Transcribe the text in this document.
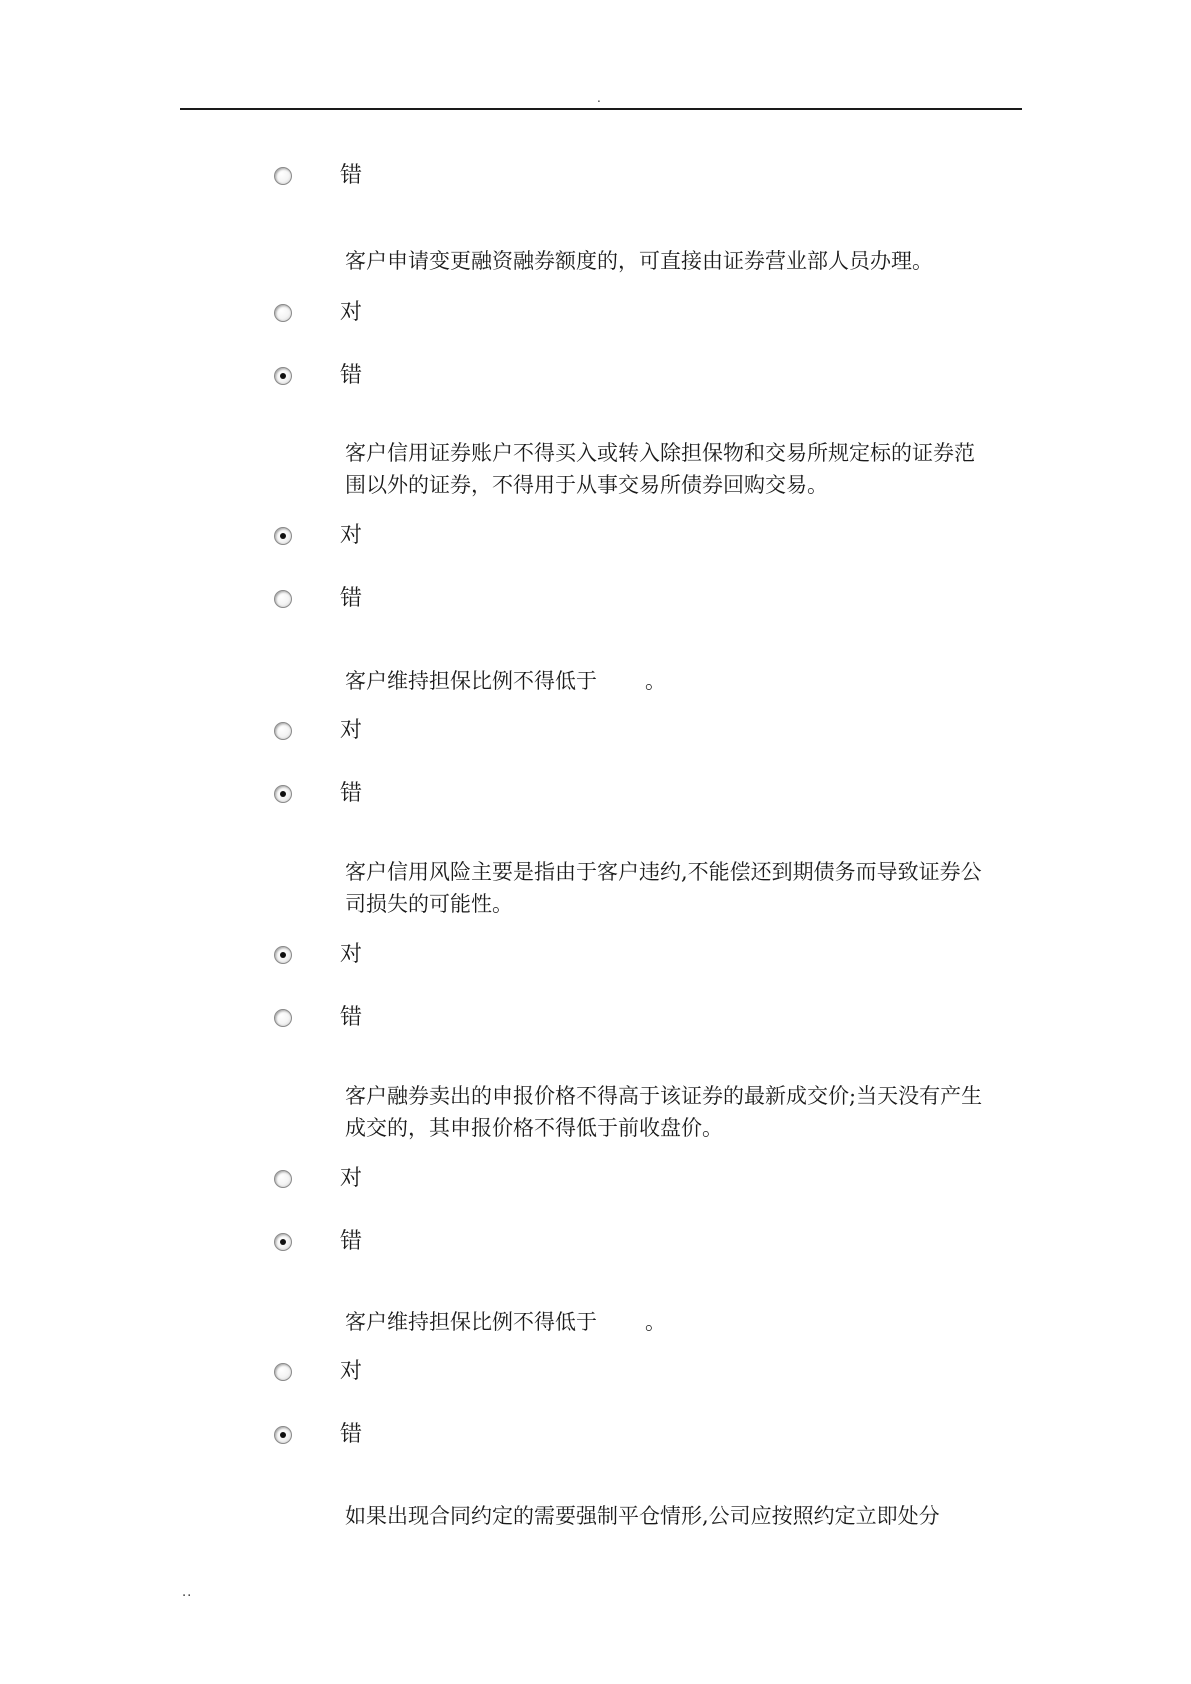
.
错

客户申请变更融资融券额度的，可直接由证券营业部人员办理。

对
错

客户信用证券账户不得买入或转入除担保物和交易所规定标的证券范围以外的证券，不得用于从事交易所债券回购交易。

对
错

客户维持担保比例不得低于 。

对
错

客户信用风险主要是指由于客户违约,不能偿还到期债务而导致证券公司损失的可能性。

对
错

客户融券卖出的申报价格不得高于该证券的最新成交价;当天没有产生成交的，其申报价格不得低于前收盘价。

对
错

客户维持担保比例不得低于 。

对
错

如果出现合同约定的需要强制平仓情形,公司应按照约定立即处分

..
